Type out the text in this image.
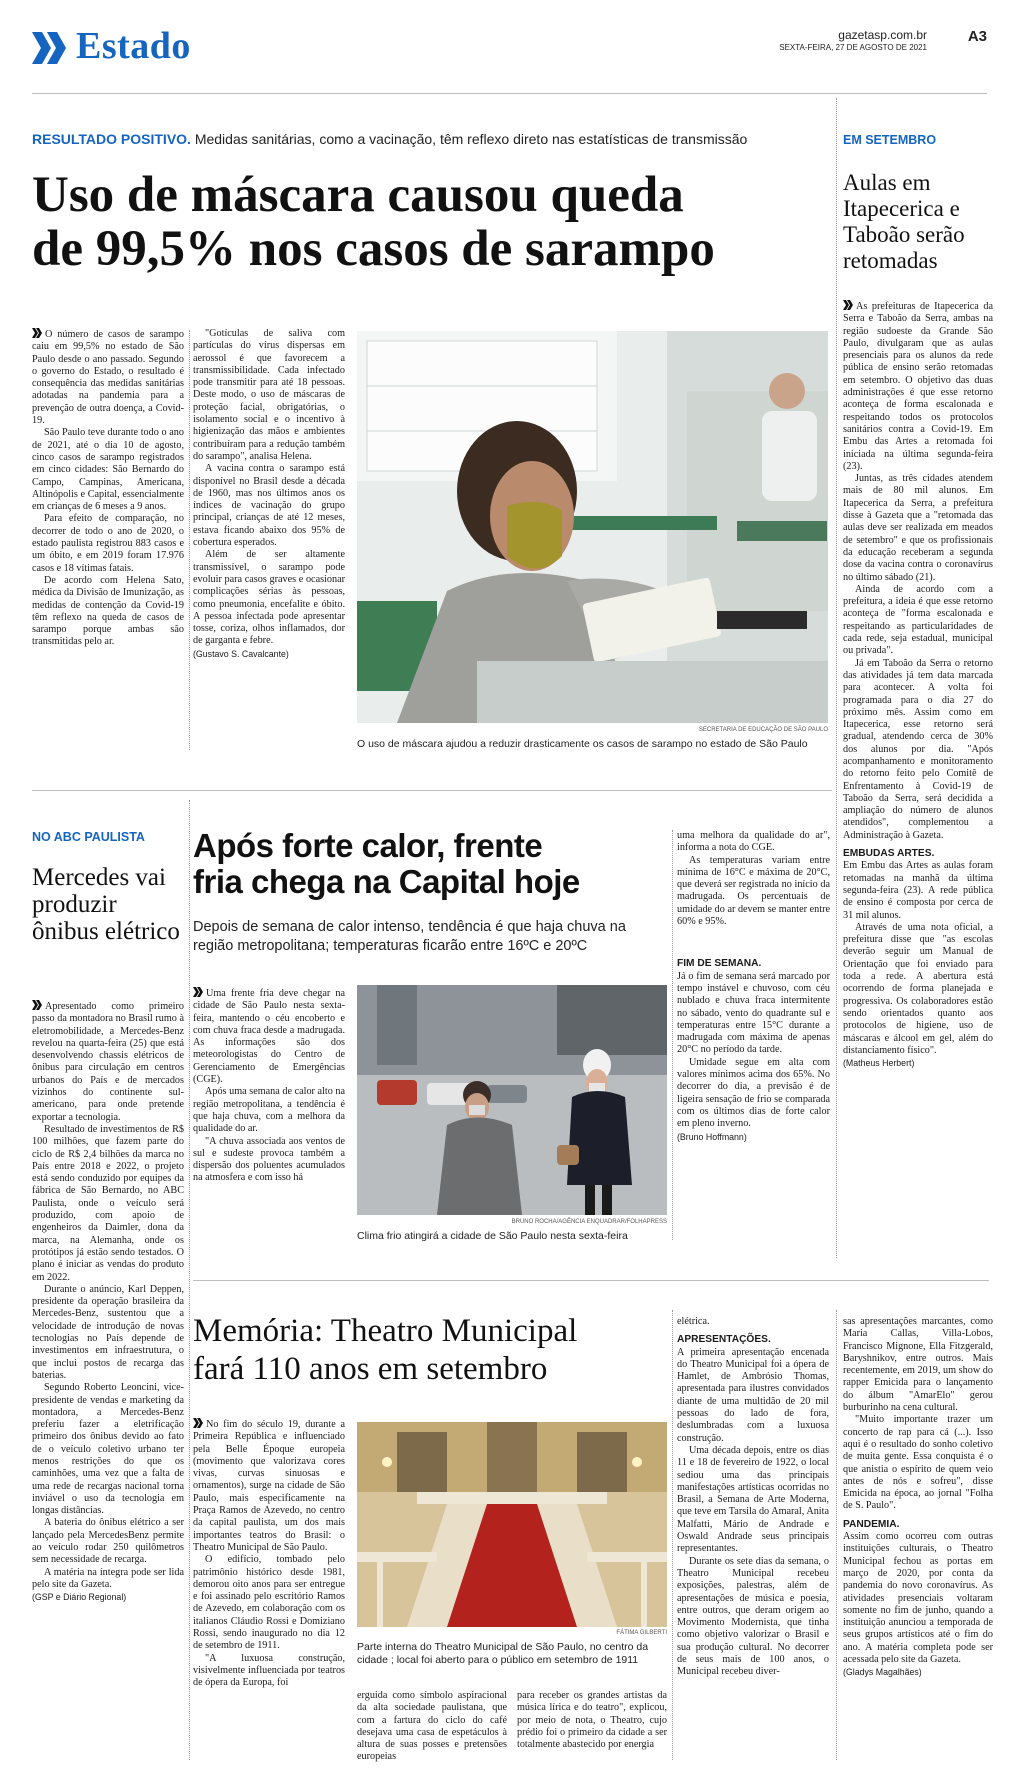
Estado	gazetasp.com.br
SEXTA-FEIRA, 27 DE AGOSTO DE 2021
A3
RESULTADO POSITIVO. Medidas sanitárias, como a vacinação, têm reflexo direto nas estatísticas de transmissão
Uso de máscara causou queda
de 99,5% nos casos de sarampo

O número de casos de sarampo caiu em 99,5% no estado de São Paulo desde o ano passado. Segundo o governo do Estado, o resultado é consequência das medidas sanitárias adotadas na pandemia para a prevenção de outra doença, a Covid-19.

São Paulo teve durante todo o ano de 2021, até o dia 10 de agosto, cinco casos de sarampo registrados em cinco cidades: São Bernardo do Campo, Campinas, Americana, Altinópolis e Capital, essencialmente em crianças de 6 meses a 9 anos.

Para efeito de comparação, no decorrer de todo o ano de 2020, o estado paulista registrou 883 casos e um óbito, e em 2019 foram 17.976 casos e 18 vítimas fatais.

De acordo com Helena Sato, médica da Divisão de Imunização, as medidas de contenção da Covid-19 têm reflexo na queda de casos de sarampo porque ambas são transmitidas pelo ar.

"Gotículas de saliva com partículas do vírus dispersas em aerossol é que favorecem a transmissibilidade. Cada infectado pode transmitir para até 18 pessoas. Deste modo, o uso de máscaras de proteção facial, obrigatórias, o isolamento social e o incentivo à higienização das mãos e ambientes contribuíram para a redução também do sarampo", analisa Helena.

A vacina contra o sarampo está disponível no Brasil desde a década de 1960, mas nos últimos anos os índices de vacinação do grupo principal, crianças de até 12 meses, estava ficando abaixo dos 95% de cobertura esperados.

Além de ser altamente transmissível, o sarampo pode evoluir para casos graves e ocasionar complicações sérias às pessoas, como pneumonia, encefalite e óbito. A pessoa infectada pode apresentar tosse, coriza, olhos inflamados, dor de garganta e febre.

(Gustavo S. Cavalcante)

SECRETARIA DE EDUCAÇÃO DE SÃO PAULO
O uso de máscara ajudou a reduzir drasticamente os casos de sarampo no estado de São Paulo
EM SETEMBRO
Aulas em Itapecerica e Taboão serão retomadas

As prefeituras de Itapecerica da Serra e Taboão da Serra, ambas na região sudoeste da Grande São Paulo, divulgaram que as aulas presenciais para os alunos da rede pública de ensino serão retomadas em setembro. O objetivo das duas administrações é que esse retorno aconteça de forma escalonada e respeitando todos os protocolos sanitários contra a Covid-19. Em Embu das Artes a retomada foi iniciada na última segunda-feira (23).

Juntas, as três cidades atendem mais de 80 mil alunos. Em Itapecerica da Serra, a prefeitura disse à Gazeta que a "retomada das aulas deve ser realizada em meados de setembro" e que os profissionais da educação receberam a segunda dose da vacina contra o coronavírus no último sábado (21).

Ainda de acordo com a prefeitura, a ideia é que esse retorno aconteça de "forma escalonada e respeitando as particularidades de cada rede, seja estadual, municipal ou privada".

Já em Taboão da Serra o retorno das atividades já tem data marcada para acontecer. A volta foi programada para o dia 27 do próximo mês. Assim como em Itapecerica, esse retorno será gradual, atendendo cerca de 30% dos alunos por dia. "Após acompanhamento e monitoramento do retorno feito pelo Comitê de Enfrentamento à Covid-19 de Taboão da Serra, será decidida a ampliação do número de alunos atendidos", complementou a Administração à Gazeta.

EMBUDAS ARTES.

Em Embu das Artes as aulas foram retomadas na manhã da última segunda-feira (23). A rede pública de ensino é composta por cerca de 31 mil alunos.

Através de uma nota oficial, a prefeitura disse que "as escolas deverão seguir um Manual de Orientação que foi enviado para toda a rede. A abertura está ocorrendo de forma planejada e progressiva. Os colaboradores estão sendo orientados quanto aos protocolos de higiene, uso de máscaras e álcool em gel, além do distanciamento físico".

(Matheus Herbert)

NO ABC PAULISTA
Mercedes vai produzir ônibus elétrico

Apresentado como primeiro passo da montadora no Brasil rumo à eletromobilidade, a Mercedes-Benz revelou na quarta-feira (25) que está desenvolvendo chassis elétricos de ônibus para circulação em centros urbanos do País e de mercados vizinhos do continente sul-americano, para onde pretende exportar a tecnologia.

Resultado de investimentos de R$ 100 milhões, que fazem parte do ciclo de R$ 2,4 bilhões da marca no País entre 2018 e 2022, o projeto está sendo conduzido por equipes da fábrica de São Bernardo, no ABC Paulista, onde o veículo será produzido, com apoio de engenheiros da Daimler, dona da marca, na Alemanha, onde os protótipos já estão sendo testados. O plano é iniciar as vendas do produto em 2022.

Durante o anúncio, Karl Deppen, presidente da operação brasileira da Mercedes-Benz, sustentou que a velocidade de introdução de novas tecnologias no País depende de investimentos em infraestrutura, o que inclui postos de recarga das baterias.

Segundo Roberto Leoncini, vice-presidente de vendas e marketing da montadora, a Mercedes-Benz preferiu fazer a eletrificação primeiro dos ônibus devido ao fato de o veículo coletivo urbano ter menos restrições do que os caminhões, uma vez que a falta de uma rede de recargas nacional torna inviável o uso da tecnologia em longas distâncias.

A bateria do ônibus elétrico a ser lançado pela MercedesBenz permite ao veículo rodar 250 quilômetros sem necessidade de recarga.

A matéria na íntegra pode ser lida pelo site da Gazeta.

(GSP e Diário Regional)

Após forte calor, frente
fria chega na Capital hoje
Depois de semana de calor intenso, tendência é que haja chuva na região metropolitana; temperaturas ficarão entre 16ºC e 20ºC
BRUNO ROCHA/AGÊNCIA ENQUADRAR/FOLHAPRESS
Clima frio atingirá a cidade de São Paulo nesta sexta-feira

Uma frente fria deve chegar na cidade de São Paulo nesta sexta-feira, mantendo o céu encoberto e com chuva fraca desde a madrugada. As informações são dos meteorologistas do Centro de Gerenciamento de Emergências (CGE).

Após uma semana de calor alto na região metropolitana, a tendência é que haja chuva, com a melhora da qualidade do ar.

"A chuva associada aos ventos de sul e sudeste provoca também a dispersão dos poluentes acumulados na atmosfera e com isso há

uma melhora da qualidade do ar", informa a nota do CGE.

As temperaturas variam entre mínima de 16°C e máxima de 20°C, que deverá ser registrada no início da madrugada. Os percentuais de umidade do ar devem se manter entre 60% e 95%.

FIM DE SEMANA.

Já o fim de semana será marcado por tempo instável e chuvoso, com céu nublado e chuva fraca intermitente no sábado, vento do quadrante sul e temperaturas entre 15°C durante a madrugada com máxima de apenas 20°C no período da tarde.

Umidade segue em alta com valores mínimos acima dos 65%. No decorrer do dia, a previsão é de ligeira sensação de frio se comparada com os últimos dias de forte calor em pleno inverno.

(Bruno Hoffmann)

Memória: Theatro Municipal
fará 110 anos em setembro

No fim do século 19, durante a Primeira República e influenciado pela Belle Époque europeia (movimento que valorizava cores vivas, curvas sinuosas e ornamentos), surge na cidade de São Paulo, mais especificamente na Praça Ramos de Azevedo, no centro da capital paulista, um dos mais importantes teatros do Brasil: o Theatro Municipal de São Paulo.

O edifício, tombado pelo patrimônio histórico desde 1981, demorou oito anos para ser entregue e foi assinado pelo escritório Ramos de Azevedo, em colaboração com os italianos Cláudio Rossi e Domiziano Rossi, sendo inaugurado no dia 12 de setembro de 1911.

"A luxuosa construção, visivelmente influenciada por teatros de ópera da Europa, foi

FÁTIMA GILBERTI
Parte interna do Theatro Municipal de São Paulo, no centro da cidade ; local foi aberto para o público em setembro de 1911
erguida como símbolo aspiracional da alta sociedade paulistana, que com a fartura do ciclo do café desejava uma casa de espetáculos à altura de suas posses e pretensões europeias
para receber os grandes artistas da música lírica e do teatro", explicou, por meio de nota, o Theatro, cujo prédio foi o primeiro da cidade a ser totalmente abastecido por energia

elétrica.

APRESENTAÇÕES.

A primeira apresentação encenada do Theatro Municipal foi a ópera de Hamlet, de Ambrósio Thomas, apresentada para ilustres convidados diante de uma multidão de 20 mil pessoas do lado de fora, deslumbradas com a luxuosa construção.

Uma década depois, entre os dias 11 e 18 de fevereiro de 1922, o local sediou uma das principais manifestações artísticas ocorridas no Brasil, a Semana de Arte Moderna, que teve em Tarsila do Amaral, Anita Malfatti, Mário de Andrade e Oswald Andrade seus principais representantes.

Durante os sete dias da semana, o Theatro Municipal recebeu exposições, palestras, além de apresentações de música e poesia, entre outros, que deram origem ao Movimento Modernista, que tinha como objetivo valorizar o Brasil e sua produção cultural. No decorrer de seus mais de 100 anos, o Municipal recebeu diver-

sas apresentações marcantes, como Maria Callas, Villa-Lobos, Francisco Mignone, Ella Fitzgerald, Baryshnikov, entre outros. Mais recentemente, em 2019, um show do rapper Emicida para o lançamento do álbum "AmarElo" gerou burburinho na cena cultural.

"Muito importante trazer um concerto de rap para cá (...). Isso aqui é o resultado do sonho coletivo de muita gente. Essa conquista é o que anistia o espírito de quem veio antes de nós e sofreu", disse Emicida na época, ao jornal "Folha de S. Paulo".

PANDEMIA.

Assim como ocorreu com outras instituições culturais, o Theatro Municipal fechou as portas em março de 2020, por conta da pandemia do novo coronavírus. As atividades presenciais voltaram somente no fim de junho, quando a instituição anunciou a temporada de seus grupos artísticos até o fim do ano. A matéria completa pode ser acessada pelo site da Gazeta.

(Gladys Magalhães)
